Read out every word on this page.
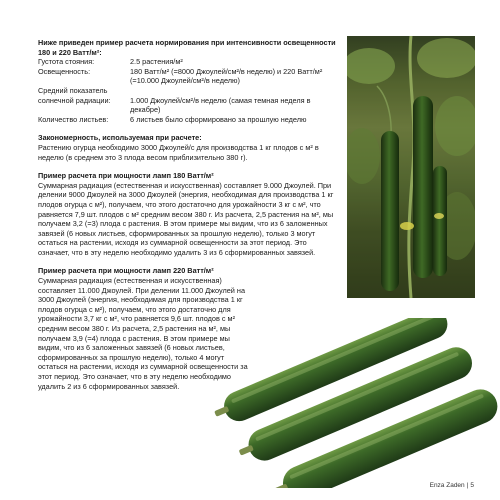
Ниже приведен пример расчета нормирования при интенсивности освещенности 180 и 220 Ватт/м²:

Густота стояния:	2.5 растения/м²
Освещенность:	180 Ватт/м² (=8000 Джоулей/см²/в неделю) и 220 Ватт/м² (=10.000 Джоулей/см²/в неделю)
Средний показатель
солнечной радиации:	1.000 Джоулей/см²/в неделю (самая темная неделя в декабре)
Количество листьев:	6 листьев было сформировано за прошлую неделю

Закономерность, используемая при расчете:

Растению огурца необходимо 3000 Джоулей/с для производства 1 кг плодов с м² в неделю (в среднем это 3 плода весом приблизительно 380 г).

Пример расчета при мощности ламп 180 Ватт/м²

Суммарная радиация (естественная и искусственная) составляет 9.000 Джоулей. При делении 9000 Джоулей на 3000 Джоулей (энергия, необходимая для производства 1 кг плодов огурца с м²), получаем, что этого достаточно для урожайности 3 кг с м², что равняется 7,9 шт. плодов с м² средним весом 380 г. Из расчета, 2,5 растения на м², мы получаем 3,2 (=3) плода с растения. В этом примере мы видим, что из 6 заложенных завязей (6 новых листьев, сформированных за прошлую неделю), только 3 могут остаться на растении, исходя из суммарной освещенности за этот период. Это означает, что в эту неделю необходимо удалить 3 из 6 сформированных завязей.

Пример расчета при мощности ламп 220 Ватт/м²

Суммарная радиация (естественная и искусственная) составляет 11.000 Джоулей. При делении 11.000 Джоулей на 3000 Джоулей (энергия, необходимая для производства 1 кг плодов огурца с м²), получаем, что этого достаточно для урожайности 3,7 кг с м², что равняется 9,6 шт. плодов с м² средним весом 380 г. Из расчета, 2,5 растения на м², мы получаем 3,9 (=4) плода с растения. В этом примере мы видим, что из 6 заложенных завязей (6 новых листьев, сформированных за прошлую неделю), только 4 могут остаться на растении, исходя из суммарной освещенности за этот период. Это означает, что в эту неделю необходимо удалить 2 из 6 сформированных завязей.

Enza Zaden | 5
